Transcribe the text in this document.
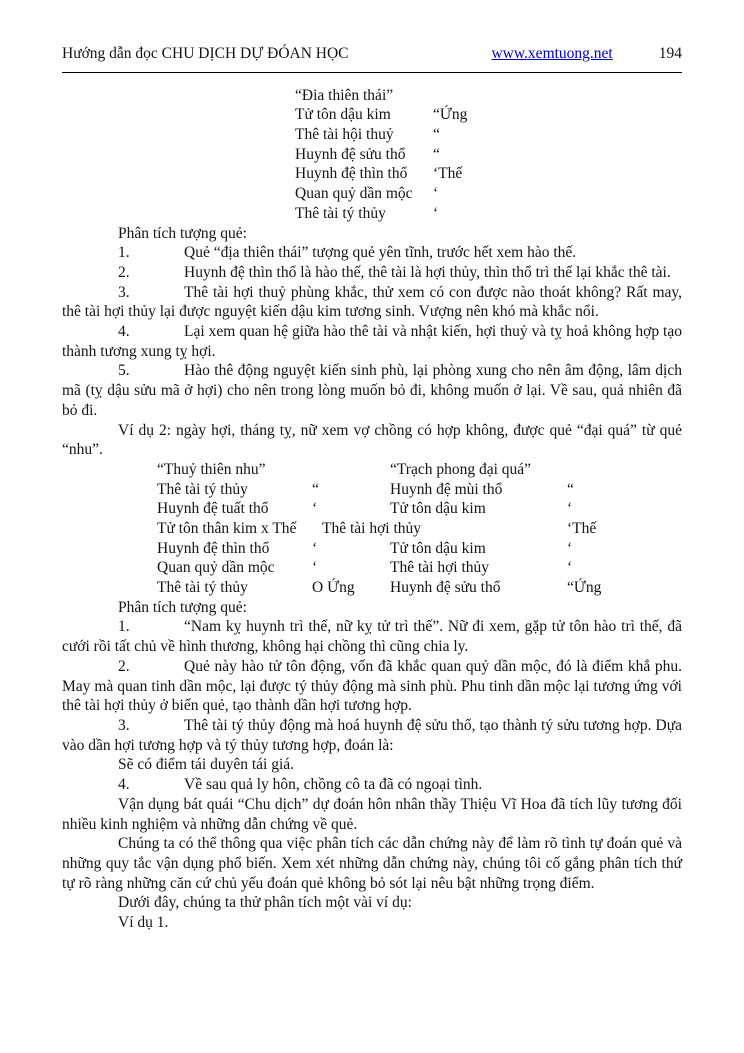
Hướng dẫn đọc CHU DỊCH DỰ ĐÓAN HỌC	www.xemtuong.net	194
“Đia thiên thái”
Tử tôn dậu kim	“Ứng
Thê tài hội thuỷ	“
Huynh đệ sửu thổ “
Huynh đệ thìn thổ ‘Thế
Quan quỷ dần mộc ‘
Thê tài tý thủy	‘

Phân tích tượng quẻ:

1.	Quẻ “địa thiên thái” tượng quẻ yên tĩnh, trước hết xem hào thế.

2.	Huynh đệ thìn thổ là hào thế, thê tài là hợi thủy, thìn thổ trì thế lại khắc thê tài.

3.	Thê tài hợi thuỷ phùng khắc, thử xem có con được nào thoát không? Rất may, thê tài hợi thủy lại được nguyệt kiến dậu kim tương sinh. Vượng nên khó mà khắc nổi.

4.	Lại xem quan hệ giữa hào thê tài và nhật kiến, hợi thuỷ và tỵ hoả không hợp tạo thành tương xung tỵ hợi.

5.	Hào thê động nguyệt kiến sinh phù, lại phòng xung cho nên âm động, lâm dịch mã (tỵ dậu sửu mã ở hợi) cho nên trong lòng muốn bỏ đi, không muốn ở lại. Về sau, quả nhiên đã bỏ đi.

Ví dụ 2: ngày hợi, tháng tỵ, nữ xem vợ chồng có hợp không, được quẻ “đại quá” từ quẻ “nhu”.

“Thuỷ thiên nhu”	“Trạch phong đại quá”
Thê tài tý thủy	“	Huynh đệ mùi thổ	“
Huynh đệ tuất thổ	‘	Tử tôn dậu kim	‘
Tử tôn thân kim x Thế Thê tài hợi thủy	‘Thế
Huynh đệ thìn thổ	‘	Tử tôn dậu kim	‘
Quan quỷ dần mộc ‘	Thê tài hợi thủy	‘
Thê tài tý thủy	O Ứng Huynh đệ sửu thổ	“Ứng

Phân tích tượng quẻ:

1.	“Nam kỵ huynh trì thế, nữ kỵ tử trì thế”. Nữ đi xem, gặp tử tôn hào trì thế, đã cưới rồi tất chủ về hình thương, không hại chồng thì cũng chia ly.

2.	Quẻ này hào tử tôn động, vốn đã khắc quan quỷ dần mộc, đó là điểm khắ phu. May mà quan tinh dần mộc, lại được tý thủy động mà sinh phù. Phu tinh dần mộc lại tương ứng với thê tài hợi thủy ở biến quẻ, tạo thành dần hợi tương hợp.

3.	Thê tài tý thủy động mà hoá huynh đệ sửu thổ, tạo thành tý sửu tương hợp. Dựa vào dần hợi tương hợp và tý thủy tương hợp, đoán là:

Sẽ có điểm tái duyên tái giá.

4.	Về sau quả ly hôn, chồng cô ta đã có ngoại tình.

Vận dụng bát quái “Chu dịch” dự đoán hôn nhân thầy Thiệu Vĩ Hoa đã tích lũy tương đối nhiều kinh nghiệm và những dẫn chứng về quẻ.

Chúng ta có thể thông qua việc phân tích các dẫn chứng này để làm rõ tình tự đoán quẻ và những quy tắc vận dụng phổ biến. Xem xét những dẫn chứng này, chúng tôi cố gắng phân tích thứ tự rõ ràng những căn cứ chủ yếu đoán quẻ không bỏ sót lại nêu bật những trọng điểm.

Dưới đây, chúng ta thử phân tích một vài ví dụ:

Ví dụ 1.
